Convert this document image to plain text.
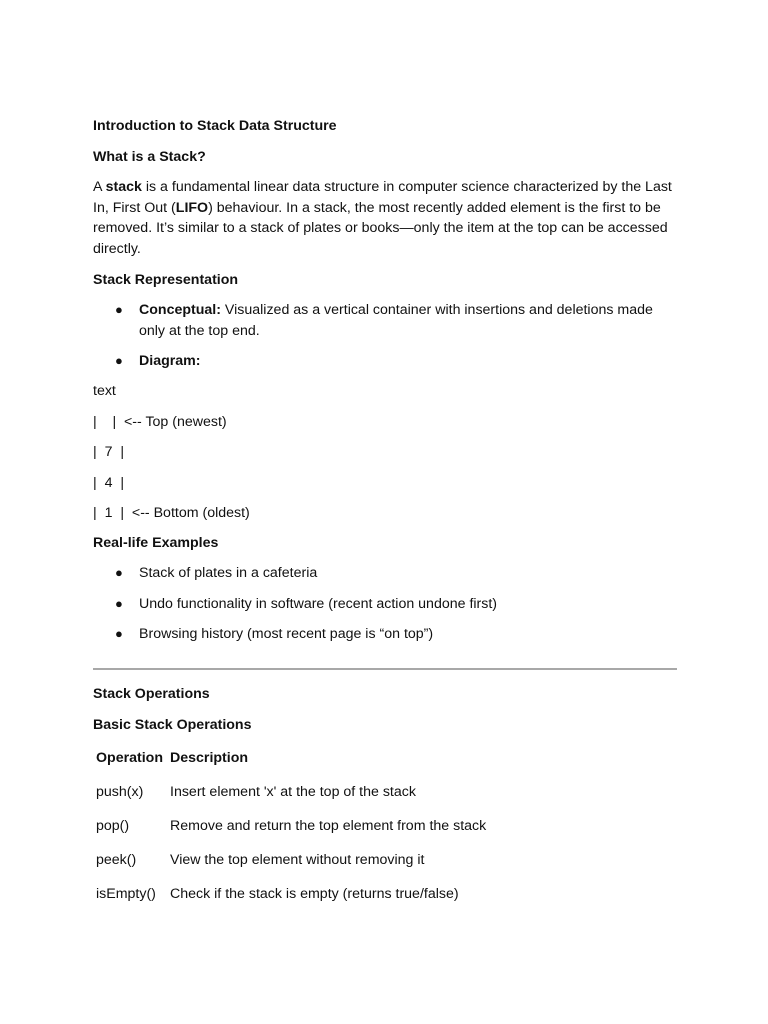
Introduction to Stack Data Structure
What is a Stack?
A stack is a fundamental linear data structure in computer science characterized by the Last In, First Out (LIFO) behaviour. In a stack, the most recently added element is the first to be removed. It’s similar to a stack of plates or books—only the item at the top can be accessed directly.
Stack Representation
● Conceptual: Visualized as a vertical container with insertions and deletions made only at the top end.
● Diagram:
text
|    |  <-- Top (newest)
|  7  |
|  4  |
|  1  |  <-- Bottom (oldest)
Real-life Examples
● Stack of plates in a cafeteria
● Undo functionality in software (recent action undone first)
● Browsing history (most recent page is “on top”)
Stack Operations
Basic Stack Operations
Operation Description
push(x) Insert element 'x' at the top of the stack
pop()	Remove and return the top element from the stack
peek() View the top element without removing it
isEmpty() Check if the stack is empty (returns true/false)
